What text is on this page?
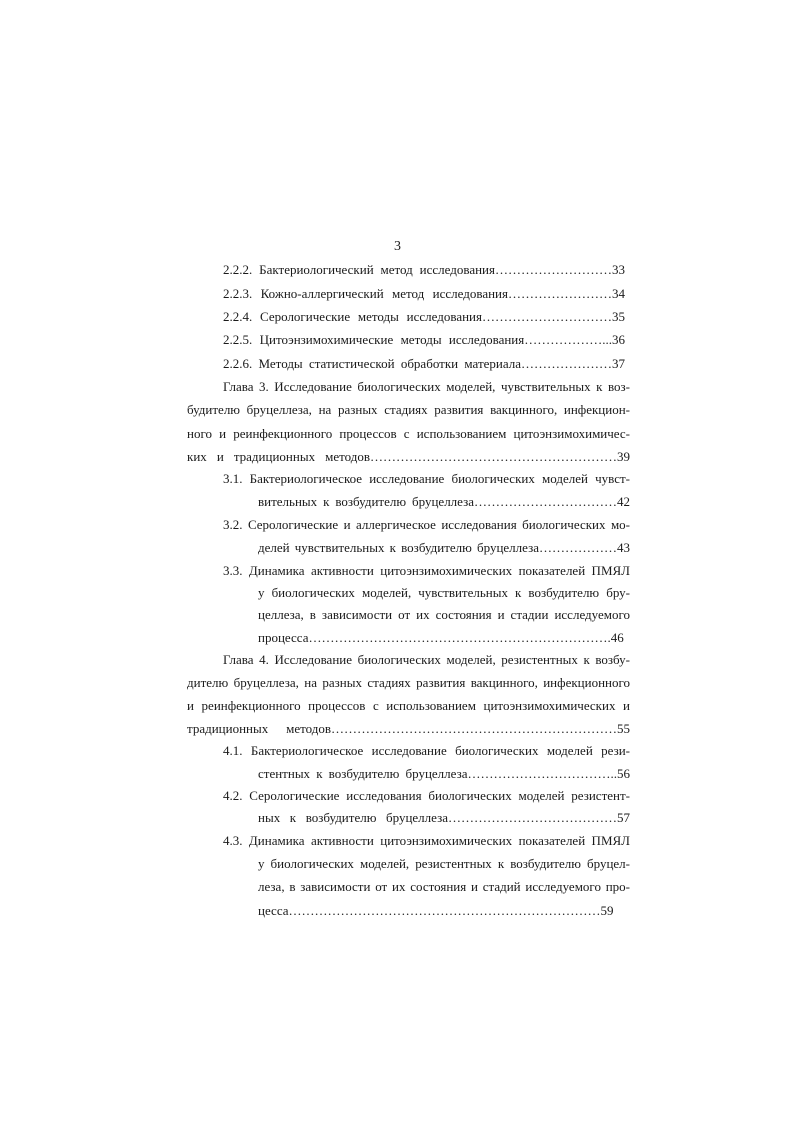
3
2.2.2. Бактериологический метод исследования………………………33
2.2.3. Кожно-аллергический метод исследования……………………34
2.2.4. Серологические методы исследования…………………………35
2.2.5. Цитоэнзимохимические методы исследования………………...36
2.2.6. Методы статистической обработки материала…………………37
Глава 3. Исследование биологических моделей, чувствительных к воз-
будителю бруцеллеза, на разных стадиях развития вакцинного, инфекцион-
ного и реинфекционного процессов с использованием цитоэнзимохимичес-
ких и традиционных методов…………………………………………………39
3.1. Бактериологическое исследование биологических моделей чувст-
вительных к возбудителю бруцеллеза……………………………42
3.2. Серологические и аллергическое исследования биологических мо-
делей чувствительных к возбудителю бруцеллеза………………43
3.3. Динамика активности цитоэнзимохимических показателей ПМЯЛ
у биологических моделей, чувствительных к возбудителю бру-
целлеза, в зависимости от их состояния и стадии исследуемого
процесса…………………………………………………………….46
Глава 4. Исследование биологических моделей, резистентных к возбу-
дителю бруцеллеза, на разных стадиях развития вакцинного, инфекционного
и реинфекционного процессов с использованием цитоэнзимохимических и
традиционных методов…………………………………………………………55
4.1. Бактериологическое исследование биологических моделей рези-
стентных к возбудителю бруцеллеза……………………………..56
4.2. Серологические исследования биологических моделей резистент-
ных к возбудителю бруцеллеза…………………………………57
4.3. Динамика активности цитоэнзимохимических показателей ПМЯЛ
у биологических моделей, резистентных к возбудителю бруцел-
леза, в зависимости от их состояния и стадий исследуемого про-
цесса………………………………………………………………59
